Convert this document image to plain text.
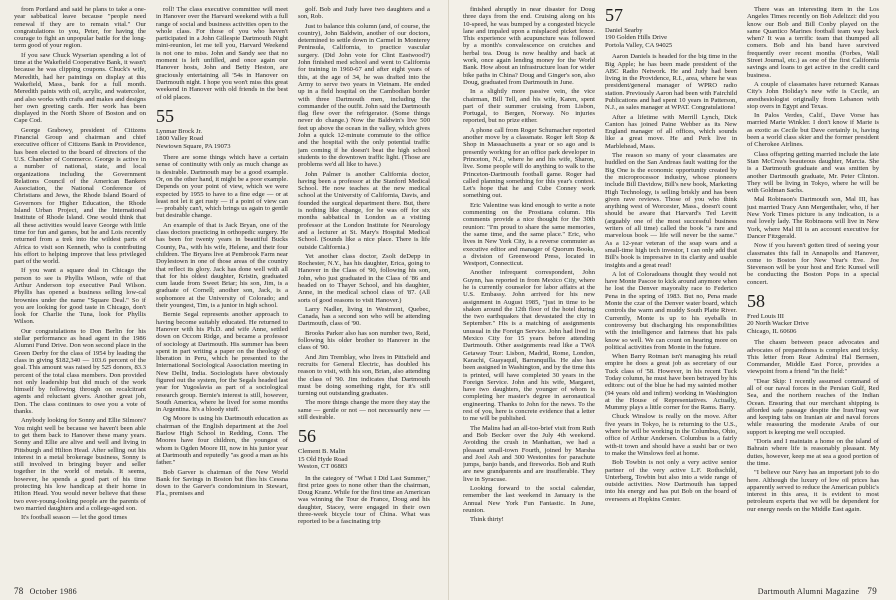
from Portland and said he plans to take a one-year sabbatical leave because "people need renewal if they are to remain vital." Our congratulations to you, Peter, for having the courage to fight an unpopular battle for the long-term good of your region.

If you saw Chuck Wyserian spending a lot of time at the Wakefield Cooperative Bank, it wasn't because he was clipping coupons. Chuck's wife, Meredith, had her paintings on display at this Wakefield, Mass., bank for a full month. Meredith paints with oil, acrylic, and watercolor, and also works with crafts and makes and designs her own greeting cards. Her work has been displayed in the North Shore of Boston and on Cape Cod.

George Grabowy, president of Citizens Financial Group and chairman and chief executive officer of Citizens Bank in Providence, has been elected to the board of directors of the U.S. Chamber of Commerce. George is active in a number of national, state, and local organizations including the Government Relations Council of the American Bankers Association, the National Conference of Christians and Jews, the Rhode Island Board of Governors for Higher Education, the Rhode Island Urban Project, and the International Institute of Rhode Island. One would think that all these activities would leave George with little time for fun and games, but he and Lois recently returned from a trek into the wildest parts of Africa to visit son Kenneth, who is contributing his effort to helping improve that less privileged part of the world.

If you want a square deal in Chicago the person to see is Phyllis Wilson, wife of that Arthur Anderson top executive Paul Wilson. Phyllis has opened a business selling low-cal brownies under the name "Square Deal." So if you are looking for good taste in Chicago, don't look for Charlie the Tuna, look for Phyllis Wilson.

Our congratulations to Don Berlin for his stellar performance as head agent in the 1986 Alumni Fund Drive. Don won second place in the Green Derby for the class of 1954 by leading the class in giving $182,340 — 103.6 percent of the goal. This amount was raised by 525 donors, 83.3 percent of the total class members. Don provided not only leadership but did much of the work himself by following through on recalcitrant agents and reluctant givers. Another great job, Don. The class continues to owe you a vote of thanks.

Anybody looking for Sonny and Ellie Silmore? You might well be because we haven't been able to get them back to Hanover these many years. Sonny and Ellie are alive and well and living in Pittsburgh and Hilton Head. After selling out his interest in a metal brokerage business, Sonny is still involved in bringing buyer and seller together in the world of metals. It seems, however, he spends a good part of his time protecting his low handicap at their home in Hilton Head. You would never believe that these two ever-young-looking people are the parents of two married daughters and a college-aged son.

It's football season — let the good times

roll! The class executive committee will meet in Hanover over the Harvard weekend with a full range of social and business activities open to the whole class. For those of you who haven't participated in a John Gillespie Dartmouth Night mini-reunion, let me tell you, Harvard Weekend is not one to miss. John and Sandy see that no moment is left unfilled, and once again our Hanover hosts, John and Betty Heston, are graciously entertaining all '54s in Hanover on Dartmouth night. I hope you won't miss this great weekend in Hanover with old friends in the best of old places.

55
Lynmar Brock Jr.
1800 Valley Road
Newtown Square, PA 19073

There are some things which have a certain sense of continuity with only as much change as is desirable. Dartmouth may be a good example. Or, on the other hand, it might be a poor example. Depends on your point of view, which we were expected by 1955 to have to a fine edge — or at least not let it get rusty — if a point of view can — probably can't, which brings us again to gentle but desirable change.

An example of that is Jack Bryan, one of the class doctors practicing in orthopedic surgery. He has been for twenty years in beautiful Bucks County, Pa., with his wife, Helene, and their four children. The Bryans live at Pembrook Farm near Doylestown in one of those areas of the country that reflect its glory. Jack has done well with all that for his oldest daughter, Kristin, graduated cum laude from Sweet Briar; his son, Jim, is a graduate of Cornell; another son, Jack, is a sophomore at the University of Colorado; and their youngest, Tim, is a junior in high school.

Bernie Segal represents another approach to having become suitably educated. He returned to Hanover with his Ph.D. and wife Anne, settled down on Occom Ridge, and became a professor of sociology at Dartmouth. His summer has been spent in part writing a paper on the theology of liberation in Peru, which he presented to the International Sociological Association meeting in New Delhi, India. Sociologists have obviously figured out the system, for the Segals headed last year for Yugoslavia as part of a sociological research group. Bernie's interest is still, however, South America, where he lived for some months in Argentina. It's a bloody stuff.

Og Moore is using his Dartmouth education as chairman of the English department at the Joel Barlow High School in Redding, Conn. The Moores have four children, the youngest of whom is Ogden Moore III, now in his junior year at Dartmouth and reputedly "as good a man as his father."

Bob Garver is chairman of the New World Bank for Savings in Boston but flies his Cessna down to the Garver's condominium in Stewart, Fla., premises and

golf. Bob and Judy have two daughters and a son, Rob.

Just to balance this column (and, of course, the country), John Baldwin, another of our doctors, determined to settle down in Carmel in Monterey Peninsula, California, to practice vascular surgery. (Did John vote for Clint Eastwood?) John finished med school and went to California for training in 1960-67 and after eight years of this, at the age of 34, he was drafted into the Army to serve two years in Vietnam. He ended up in a field hospital on the Cambodian border with three Dartmouth men, including the commander of the outfit. John said the Dartmouth flag flew over the refrigerator. (Some things never do change.) Now the Baldwin's live 500 feet up above the ocean in the valley, which gives John a quick 12-minute commute to the office and the hospital with the only potential traffic jam coming if he doesn't beat the high school students to the downtown traffic light. (Those are problems we'd all like to have.)

John Palmer is another California doctor, having been a professor at the Stanford Medical School. He now teaches at the new medical school at the University of California, Davis, and founded the surgical department there. But, there is nothing like change, for he was off for six months sabbatical in London as a visiting professor at the London Institute for Neurology and a lecturer at St. Mary's Hospital Medical School. (Sounds like a nice place. There is life outside California.)

Yet another class doctor, Zsolt deDepp in Rochester, N.Y., has his daughter, Erica, going to Hanover in the Class of '90, following his son, John, who just graduated in the Class of '86 and headed on to Thayer School, and his daughter, Anne, in the medical school class of '87. (All sorts of good reasons to visit Hanover.)

Larry Nadler, living in Westmont, Quebec, Canada, has a second son who will be attending Dartmouth, class of '90.

Brooks Parker also has son number two, Reid, following his older brother to Hanover in the class of '90.

And Jim Tremblay, who lives in Pittsfield and recruits for General Electric, has doubled his reason to visit, with his son, Brian, also attending the class of '90. Jim indicates that Dartmouth must be doing something right, for it's still turning out outstanding graduates.

The more things change the more they stay the same — gentle or not — not necessarily new — still desirable.

56
Clement B. Malin
15 Old Hyde Road
Weston, CT 06883

In the category of "What I Did Last Summer," first prize goes to none other than the chairman, Doug Kranz. While for the first time an American was winning the Tour de France, Doug and his daughter, Stacey, were engaged in their own three-week bicycle tour of China. What was reported to be a fascinating trip

78 October 1986

finished abruptly in near disaster for Doug three days from the end. Cruising along on his 10-speed, he was bumped by a congested bicycle lane and impaled upon a misplaced picket fence. This experience with acupuncture was followed by a month's convalescence on crutches and herbal tea. Doug is now healthy and back at work, once again lending money for the World Bank. How about an infrastructure loan for wider bike paths in China? Doug and Ginger's son, also Doug, graduated from Dartmouth in June.

In a slightly more passive vein, the vice chairman, Bill Tell, and his wife, Karen, spent part of their summer cruising from Lisbon, Portugal, to Bergen, Norway. No injuries reported, but no prize either.

A phone call from Roger Schumacher reported another move by a classmate. Roger left Stop & Shop in Massachusetts a year or so ago and is presently working for an office park developer in Princeton, N.J., where he and his wife, Sharon, live. Some people will do anything to walk to the Princeton-Dartmouth football game. Roger had called planning something for this year's contest. Let's hope that he and Cube Conney work something out.

Eric Valentine was kind enough to write a note commenting on the Prostiana column. His comments provide a nice thought for the 30th reunion: "I'm proud to share the same memories, the same time, and the same place." Eric, who lives in New York City, is a reverse commuter as executive editor and manager of Quorum Books, a division of Greenwood Press, located in Westport, Connecticut.

Another infrequent correspondent, John Guynn, has reported in from Mexico City, where he is currently counselor for labor affairs at the U.S. Embassy. John arrived for his new assignment in August 1985, "just in time to be shaken around the 12th floor of the hotel during the two earthquakes that devastated the city in September." His is a matching of assignments unusual in the Foreign Service. John had lived in Mexico City for 15 years before attending Dartmouth. Other assignments read like a TWA Getaway Tour: Lisbon, Madrid, Rome, London, Karachi, Guayaquil, Barranquilla. He also has been assigned in Washington, and by the time this is printed, will have completed 30 years in the Foreign Service. John and his wife, Margaret, have two daughters, the younger of whom is completing her master's degree in aeronautical engineering. Thanks to John for the news. To the rest of you, here is concrete evidence that a letter to me will be published.

The Malins had an all-too-brief visit from Ruth and Bob Becker over the July 4th weekend. Avoiding the crush in Manhattan, we had a pleasant small-town Fourth, joined by Marsha and Joel Ash and 300 Westonites for parachute jumps, banjo bands, and fireworks. Bob and Ruth are new grandparents and are insufferable. They live in Syracuse.

Looking forward to the social calendar, remember the last weekend in January is the Annual New York Fun Fantastic. In June, reunion.

Think thirty!

57
Daniel Searby
190 Golden Hills Drive
Portola Valley, CA 94025

Aaron Daniels is headed for the big time in the Big Apple; he has been made president of the ABC Radio Network. He and Judy had been living in the Providence, R.I., area, where he was president/general manager of WPRO radio station. Previously Aaron had been with Fairchild Publications and had spent 10 years in Patterson, N.J., as sales manager at WPAT. Congratulations!

After a lifetime with Merrill Lynch, Dick Canton has joined Paine Webber as its New England manager of all offices, which sounds like a great move. He and Perk live in Marblehead, Mass.

The reason so many of your classmates are huddled on the San Andreas fault waiting for the Big One is the economic opportunity created by the microprocessor industry, whose pioneers include Bill Davidow, Bill's new book, Marketing High Technology, is selling briskly and has been given rave reviews. Those of you who think anything west of Worcester, Mass., doesn't count should be aware that Harvard's Ted Levitt (arguably one of the most successful business writers of all time) called the book "a rare and marvelous book — life will never be the same." As a 12-year veteran of the soap wars and a small-time high tech investor, I can only add that Bill's book is impressive in its clarity and usable insights and a great read!

A lot of Coloradoans thought they would not have Monte Pascoe to kick around anymore when he lost the Denver mayoralty race to Federico Pena in the spring of 1983. But no, Pena made Monte the czar of the Denver water board, which controls the warm and muddy South Platte River. Currently, Monte is up to his eyeballs in controversy but discharging his responsibilities with the intelligence and fairness that his pals know so well. We can count on hearing more on political activities from Monte in the future.

When Barry Rotman isn't managing his retail empire he does a great job as secretary of our Tuck class of '58. However, in his recent Tuck Today column, he must have been betrayed by his editors: out of the blue he had my sainted mother (94 years old and infirm) working in Washington at the House of Representatives. Actually, Mummy plays a little corner for the Rams. Barry.

Chuck Winslow is really on the move. After five years in Tokyo, he is returning to the U.S., where he will be working in the Columbus, Ohio, office of Arthur Andersen. Columbus is a fairly with-it town and should have a sushi bar or two to make the Winslows feel at home.

Bob Towbin is not only a very active senior partner of the very active L.F. Rothschild, Unterberg, Towbin but also into a wide range of outside activities. Now Dartmouth has tapped into his energy and has put Bob on the board of overseers at Hopkins Center.

There was an interesting item in the Los Angeles Times recently on Bob Adelizzi: did you know our Bob and Bill Conby played on the same Quantico Marines football team way back when? It was a terrific team that thumped all comers. Bob and his band have survived frequently over recent months (Forbes, Wall Street Journal, etc.) as one of the first California savings and loans to get active in the credit card business.

A couple of classmates have returned: Kansas City's John Holiday's new wife is Cecile, an anesthesiologist originally from Lebanon with stop overs in Egypt and Texas.

In Palos Verdes, Calif., Dave Vorse has married Marie Winkler. I don't know if Marie is as exotic as Cecile but Dave certainly is, having been a world class skier and the former president of Cherokee Airlines.

Class offspring getting married include the late Stan McCrea's beauteous daughter, Marcia. She is a Dartmouth graduate and was smitten by another Dartmouth graduate, Mr. Peter Clinton. They will be living in Tokyo, where he will be with Goldman Sachs.

Mal Robinson's Dartmouth son, Mal III, has just married Tracy Ann Mergenthaler, who, if her New York Times picture is any indication, is a real lovely lady. The Robinsons will live in New York, where Mal III is an account executive for Dancer Fitzgerald.

Now if you haven't gotten tired of seeing your classmates this fall in Annapolis and Hanover, come to Boston for New Year's Eve. Joe Stevenson will be your host and Eric Kunsel will be conducting the Boston Pops in a special concert.

58
Fred Louis III
20 North Wacker Drive
Chicago, IL 60606

The chasm between peace advocates and advocates of preparedness is complex and tricky. This letter from Rear Admiral Hal Bernsen, Commander, Middle East Force, provides a viewpoint from a friend "in the field:"

"Dear Skip: I recently assumed command of all of our naval forces in the Persian Gulf, Red Sea, and the northern reaches of the Indian Ocean. Ensuring that our merchant shipping is afforded safe passage despite the Iran/Iraq war and keeping tabs on Iranian air and naval forces while reassuring the moderate Arabs of our support is keeping me well occupied.

"Doris and I maintain a home on the island of Bahrain where life is reasonably pleasant. My duties, however, keep me at sea a good portion of the time.

"I believe our Navy has an important job to do here. Although the luxury of low oil prices has apparently served to reduce the American public's interest in this area, it is evident to most petroleum experts that we will be dependent for our energy needs on the Middle East again.

Dartmouth Alumni Magazine 79
